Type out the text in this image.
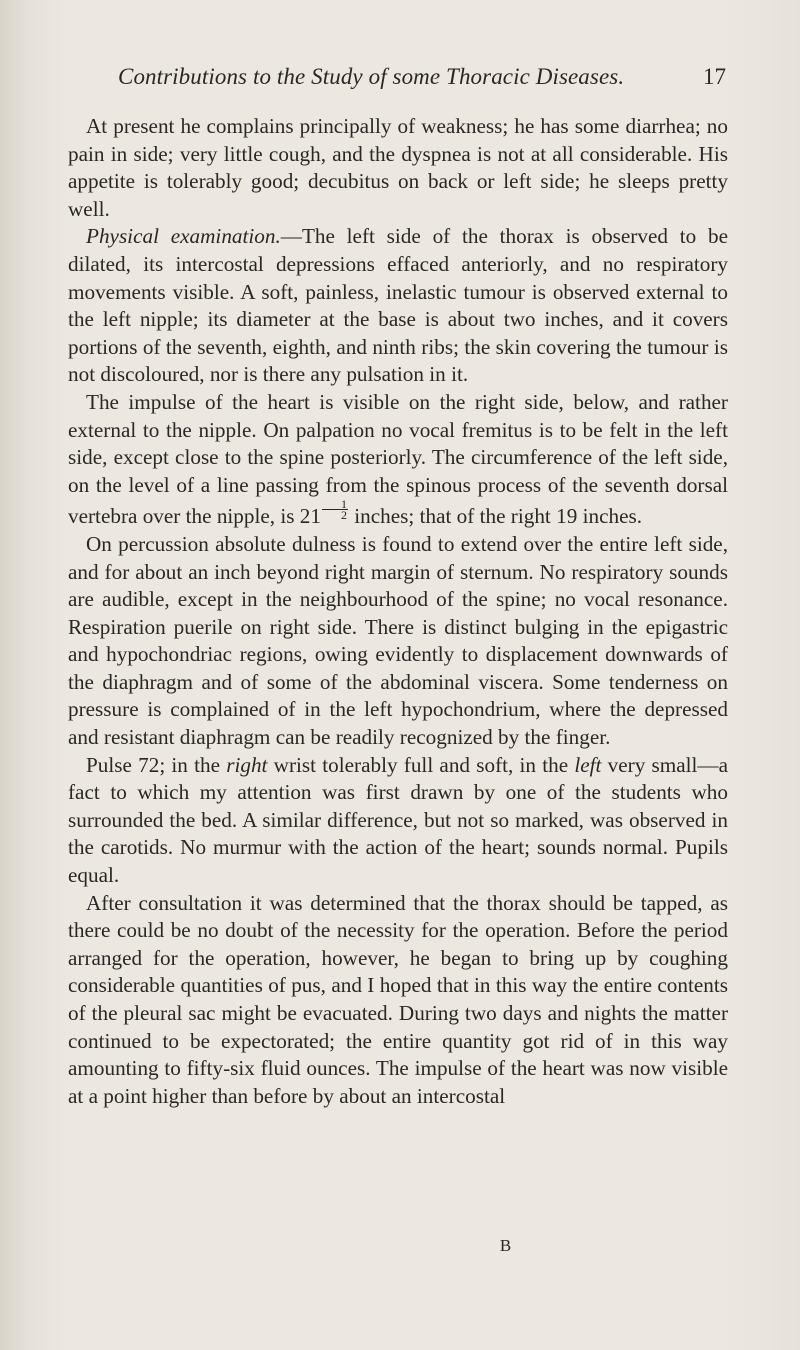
Contributions to the Study of some Thoracic Diseases.	17

At present he complains principally of weakness; he has some diarrhea; no pain in side; very little cough, and the dyspnea is not at all considerable. His appetite is tolerably good; decubitus on back or left side; he sleeps pretty well.

Physical examination.—The left side of the thorax is observed to be dilated, its intercostal depressions effaced anteriorly, and no respiratory movements visible. A soft, painless, inelastic tumour is observed external to the left nipple; its diameter at the base is about two inches, and it covers portions of the seventh, eighth, and ninth ribs; the skin covering the tumour is not discoloured, nor is there any pulsation in it.

The impulse of the heart is visible on the right side, below, and rather external to the nipple. On palpation no vocal fremitus is to be felt in the left side, except close to the spine posteriorly. The circumference of the left side, on the level of a line passing from the spinous process of the seventh dorsal vertebra over the nipple, is $21 \frac{1}{2}$ inches; that of the right 19 inches.

On percussion absolute dulness is found to extend over the entire left side, and for about an inch beyond right margin of sternum. No respiratory sounds are audible, except in the neighbourhood of the spine; no vocal resonance. Respiration puerile on right side. There is distinct bulging in the epigastric and hypochondriac regions, owing evidently to displacement downwards of the diaphragm and of some of the abdominal viscera. Some tenderness on pressure is complained of in the left hypochondrium, where the depressed and resistant diaphragm can be readily recognized by the finger.

Pulse 72; in the right wrist tolerably full and soft, in the left very small—a fact to which my attention was first drawn by one of the students who surrounded the bed. A similar difference, but not so marked, was observed in the carotids. No murmur with the action of the heart; sounds normal. Pupils equal.

After consultation it was determined that the thorax should be tapped, as there could be no doubt of the necessity for the operation. Before the period arranged for the operation, however, he began to bring up by coughing considerable quantities of pus, and I hoped that in this way the entire contents of the pleural sac might be evacuated. During two days and nights the matter continued to be expectorated; the entire quantity got rid of in this way amounting to fifty-six fluid ounces. The impulse of the heart was now visible at a point higher than before by about an intercostal

B
